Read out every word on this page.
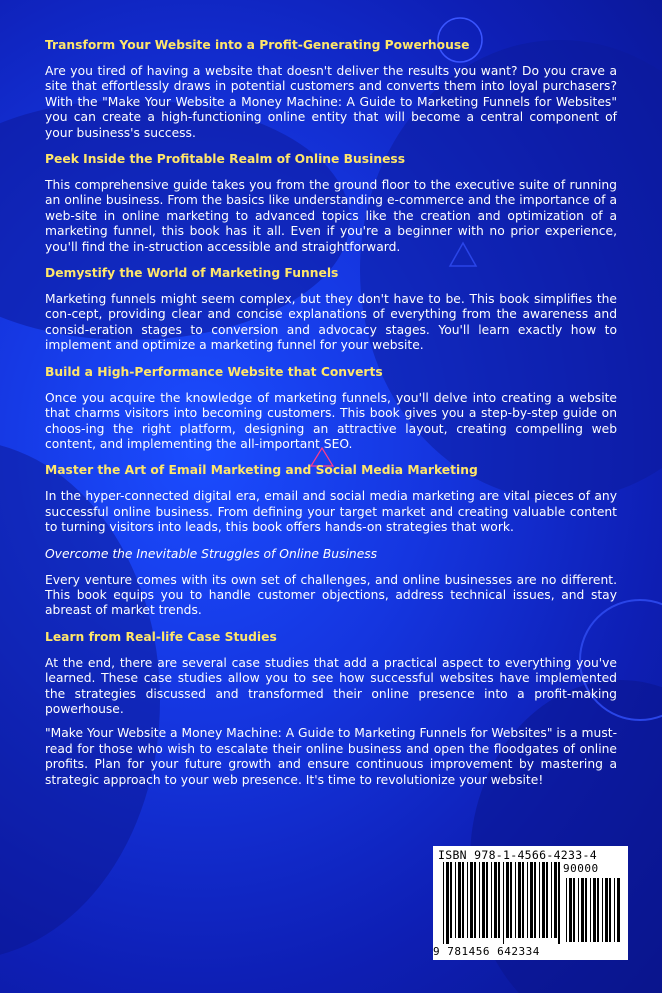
Transform Your Website into a Profit-Generating Powerhouse
Are you tired of having a website that doesn't deliver the results you want? Do you crave a site that effortlessly draws in potential customers and converts them into loyal purchasers? With the "Make Your Website a Money Machine: A Guide to Marketing Funnels for Websites" you can create a high-functioning online entity that will become a central component of your business's success.
Peek Inside the Profitable Realm of Online Business
This comprehensive guide takes you from the ground floor to the executive suite of running an online business. From the basics like understanding e-commerce and the importance of a web-site in online marketing to advanced topics like the creation and optimization of a marketing funnel, this book has it all. Even if you're a beginner with no prior experience, you'll find the in-struction accessible and straightforward.
Demystify the World of Marketing Funnels
Marketing funnels might seem complex, but they don't have to be. This book simplifies the con-cept, providing clear and concise explanations of everything from the awareness and consid-eration stages to conversion and advocacy stages. You'll learn exactly how to implement and optimize a marketing funnel for your website.
Build a High-Performance Website that Converts
Once you acquire the knowledge of marketing funnels, you'll delve into creating a website that charms visitors into becoming customers. This book gives you a step-by-step guide on choos-ing the right platform, designing an attractive layout, creating compelling web content, and implementing the all-important SEO.
Master the Art of Email Marketing and Social Media Marketing
In the hyper-connected digital era, email and social media marketing are vital pieces of any successful online business. From defining your target market and creating valuable content to turning visitors into leads, this book offers hands-on strategies that work.
Overcome the Inevitable Struggles of Online Business
Every venture comes with its own set of challenges, and online businesses are no different. This book equips you to handle customer objections, address technical issues, and stay abreast of market trends.
Learn from Real-life Case Studies
At the end, there are several case studies that add a practical aspect to everything you've learned. These case studies allow you to see how successful websites have implemented the strategies discussed and transformed their online presence into a profit-making powerhouse.
"Make Your Website a Money Machine: A Guide to Marketing Funnels for Websites" is a must-read for those who wish to escalate their online business and open the floodgates of online profits. Plan for your future growth and ensure continuous improvement by mastering a strategic approach to your web presence. It's time to revolutionize your website!
ISBN 978-1-4566-4233-4
9 781456 642334
90000
